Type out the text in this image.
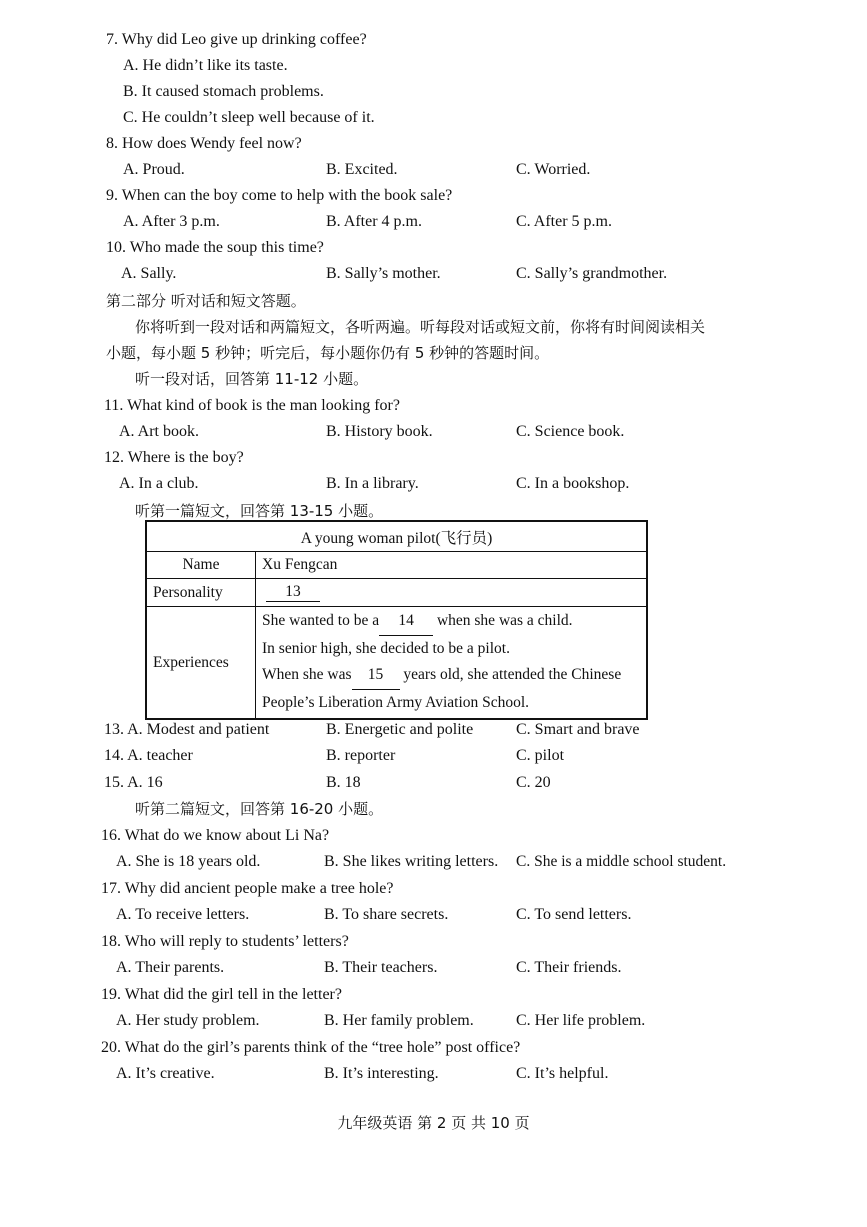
7. Why did Leo give up drinking coffee?
A. He didn’t like its taste.
B. It caused stomach problems.
C. He couldn’t sleep well because of it.
8. How does Wendy feel now?
A. Proud.	B. Excited.	C. Worried.
9. When can the boy come to help with the book sale?
A. After 3 p.m.	B. After 4 p.m.	C. After 5 p.m.
10. Who made the soup this time?
A. Sally.	B. Sally’s mother.	C. Sally’s grandmother.
第二部分 听对话和短文答题。
你将听到一段对话和两篇短文，各听两遍。听每段对话或短文前，你将有时间阅读相关
小题，每小题 5 秒钟；听完后，每小题你仍有 5 秒钟的答题时间。
听一段对话，回答第 11-12 小题。
11. What kind of book is the man looking for?
A. Art book.	B. History book.	C. Science book.
12. Where is the boy?
A. In a club.	B. In a library.	C. In a bookshop.
听第一篇短文，回答第 13-15 小题。
A young woman pilot(飞行员)	
Name	Xu Fengcan
Personality	13
Experiences	She wanted to be a 14 when she was a child.
In senior high, she decided to be a pilot.
When she was 15 years old, she attended the Chinese
People’s Liberation Army Aviation School.
13. A. Modest and patient	B. Energetic and polite	C. Smart and brave
14. A. teacher	B. reporter	C. pilot
15. A. 16	B. 18	C. 20
听第二篇短文，回答第 16-20 小题。
16. What do we know about Li Na?
A. She is 18 years old.	B. She likes writing letters. C. She is a middle school student.
17. Why did ancient people make a tree hole?
A. To receive letters.	B. To share secrets.	C. To send letters.
18. Who will reply to students’ letters?
A. Their parents.	B. Their teachers.	C. Their friends.
19. What did the girl tell in the letter?
A. Her study problem.	B. Her family problem.	C. Her life problem.
20. What do the girl’s parents think of the “tree hole” post office?
A. It’s creative.	B. It’s interesting.	C. It’s helpful.
九年级英语 第 2 页 共 10 页
